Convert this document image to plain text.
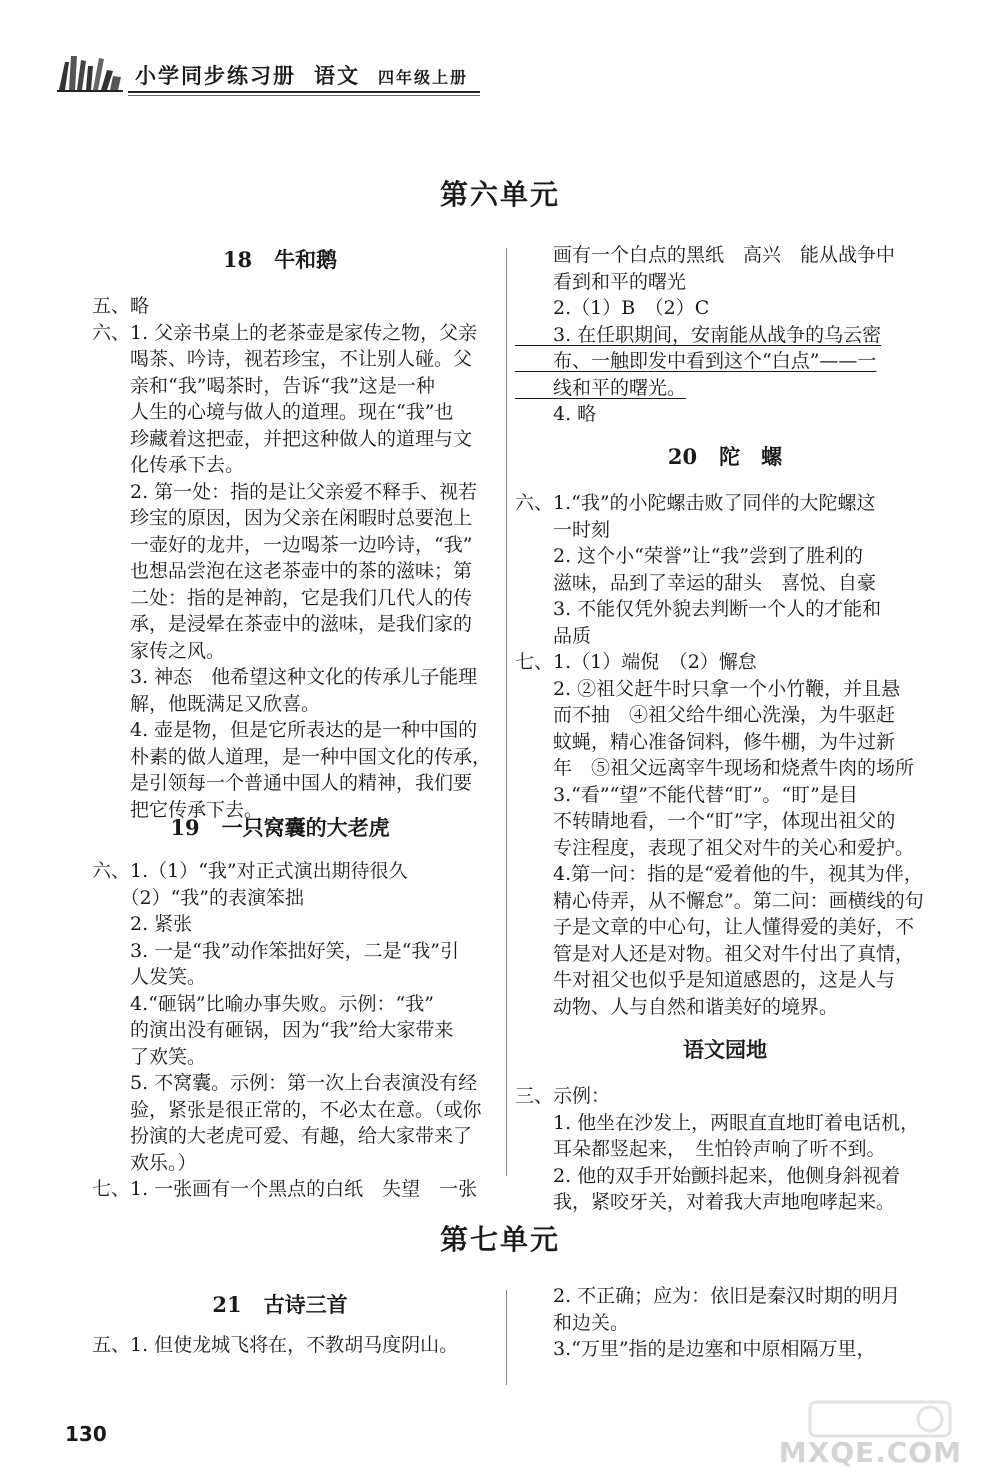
小学同步练习册 语文 四年级上册
第六单元
18 牛和鹅
五、略
六、1. 父亲书桌上的老茶壶是家传之物，父亲
　　喝茶、吟诗，视若珍宝，不让别人碰。父
　　亲和“我”喝茶时，告诉“我”这是一种
　　人生的心境与做人的道理。现在“我”也
　　珍藏着这把壶，并把这种做人的道理与文
　　化传承下去。
　　2. 第一处：指的是让父亲爱不释手、视若
　　珍宝的原因，因为父亲在闲暇时总要泡上
　　一壶好的龙井，一边喝茶一边吟诗，“我”
　　也想品尝泡在这老茶壶中的茶的滋味；第
　　二处：指的是神韵，它是我们几代人的传
　　承，是浸晕在茶壶中的滋味，是我们家的
　　家传之风。
　　3. 神态　他希望这种文化的传承儿子能理
　　解，他既满足又欣喜。
　　4. 壶是物，但是它所表达的是一种中国的
　　朴素的做人道理，是一种中国文化的传承，
　　是引领每一个普通中国人的精神，我们要
　　把它传承下去。
19 一只窝囊的大老虎
六、1.（1）“我”对正式演出期待很久
　　（2）“我”的表演笨拙
　　2. 紧张
　　3. 一是“我”动作笨拙好笑，二是“我”引
　　人发笑。
　　4.“砸锅”比喻办事失败。示例：“我”
　　的演出没有砸锅，因为“我”给大家带来
　　了欢笑。
　　5. 不窝囊。示例：第一次上台表演没有经
　　验，紧张是很正常的，不必太在意。（或你
　　扮演的大老虎可爱、有趣，给大家带来了
　　欢乐。）
七、1. 一张画有一个黑点的白纸　失望　一张
　　画有一个白点的黑纸　高兴　能从战争中
　　看到和平的曙光
　　2.（1）B　（2）C
　　3. 在任职期间，安南能从战争的乌云密
　　布、一触即发中看到这个“白点”——一
　　线和平的曙光。
　　4. 略
20 陀　螺
六、1.“我”的小陀螺击败了同伴的大陀螺这
　　一时刻
　　2. 这个小“荣誉”让“我”尝到了胜利的
　　滋味，品到了幸运的甜头　喜悦、自豪
　　3. 不能仅凭外貌去判断一个人的才能和
　　品质
七、1.（1）端倪　（2）懈怠
　　2. ②祖父赶牛时只拿一个小竹鞭，并且悬
　　而不抽　④祖父给牛细心洗澡，为牛驱赶
　　蚊蝇，精心准备饲料，修牛棚，为牛过新
　　年　⑤祖父远离宰牛现场和烧煮牛肉的场所
　　3.“看”“望”不能代替“盯”。“盯”是目
　　不转睛地看，一个“盯”字，体现出祖父的
　　专注程度，表现了祖父对牛的关心和爱护。
　　4.第一问：指的是“爱着他的牛，视其为伴，
　　精心侍弄，从不懈怠”。第二问：画横线的句
　　子是文章的中心句，让人懂得爱的美好，不
　　管是对人还是对物。祖父对牛付出了真情，
　　牛对祖父也似乎是知道感恩的，这是人与
　　动物、人与自然和谐美好的境界。
语文园地
三、示例：
　　1. 他坐在沙发上，两眼直直地盯着电话机，
　　耳朵都竖起来，　生怕铃声响了听不到。
　　2. 他的双手开始颤抖起来，他侧身斜视着
　　我，紧咬牙关，对着我大声地咆哮起来。
第七单元
21 古诗三首
五、1. 但使龙城飞将在，不教胡马度阴山。
　　2. 不正确；应为：依旧是秦汉时期的明月
　　和边关。
　　3.“万里”指的是边塞和中原相隔万里，
130
MXQE.COM
